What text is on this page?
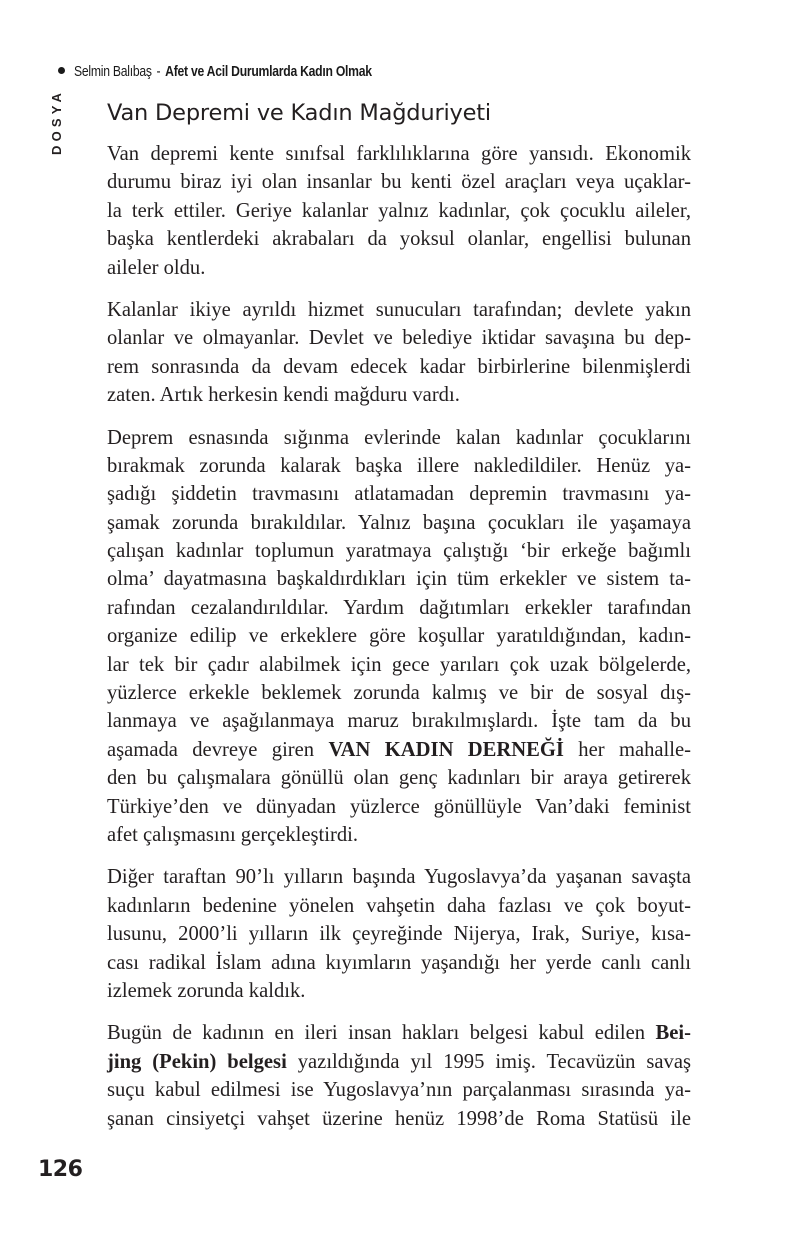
Selmin Balıbaş - Afet ve Acil Durumlarda Kadın Olmak
DOSYA Van Depremi ve Kadın Mağduriyeti

Van depremi kente sınıfsal farklılıklarına göre yansıdı. Ekonomik
durumu biraz iyi olan insanlar bu kenti özel araçları veya uçaklar-
la terk ettiler. Geriye kalanlar yalnız kadınlar, çok çocuklu aileler,
başka kentlerdeki akrabaları da yoksul olanlar, engellisi bulunan
aileler oldu.

Kalanlar ikiye ayrıldı hizmet sunucuları tarafından; devlete yakın
olanlar ve olmayanlar. Devlet ve belediye iktidar savaşına bu dep-
rem sonrasında da devam edecek kadar birbirlerine bilenmişlerdi
zaten. Artık herkesin kendi mağduru vardı.

Deprem esnasında sığınma evlerinde kalan kadınlar çocuklarını
bırakmak zorunda kalarak başka illere nakledildiler. Henüz ya-
şadığı şiddetin travmasını atlatamadan depremin travmasını ya-
şamak zorunda bırakıldılar. Yalnız başına çocukları ile yaşamaya
çalışan kadınlar toplumun yaratmaya çalıştığı ‘bir erkeğe bağımlı
olma’ dayatmasına başkaldırdıkları için tüm erkekler ve sistem ta-
rafından cezalandırıldılar. Yardım dağıtımları erkekler tarafından
organize edilip ve erkeklere göre koşullar yaratıldığından, kadın-
lar tek bir çadır alabilmek için gece yarıları çok uzak bölgelerde,
yüzlerce erkekle beklemek zorunda kalmış ve bir de sosyal dış-
lanmaya ve aşağılanmaya maruz bırakılmışlardı. İşte tam da bu
aşamada devreye giren VAN KADIN DERNEĞİ her mahalle-
den bu çalışmalara gönüllü olan genç kadınları bir araya getirerek
Türkiye’den ve dünyadan yüzlerce gönüllüyle Van’daki feminist
afet çalışmasını gerçekleştirdi.

Diğer taraftan 90’lı yılların başında Yugoslavya’da yaşanan savaşta
kadınların bedenine yönelen vahşetin daha fazlası ve çok boyut-
lusunu, 2000’li yılların ilk çeyreğinde Nijerya, Irak, Suriye, kısa-
cası radikal İslam adına kıyımların yaşandığı her yerde canlı canlı
izlemek zorunda kaldık.

Bugün de kadının en ileri insan hakları belgesi kabul edilen Bei-
jing (Pekin) belgesi yazıldığında yıl 1995 imiş. Tecavüzün savaş
suçu kabul edilmesi ise Yugoslavya’nın parçalanması sırasında ya-
şanan cinsiyetçi vahşet üzerine henüz 1998’de Roma Statüsü ile

126
